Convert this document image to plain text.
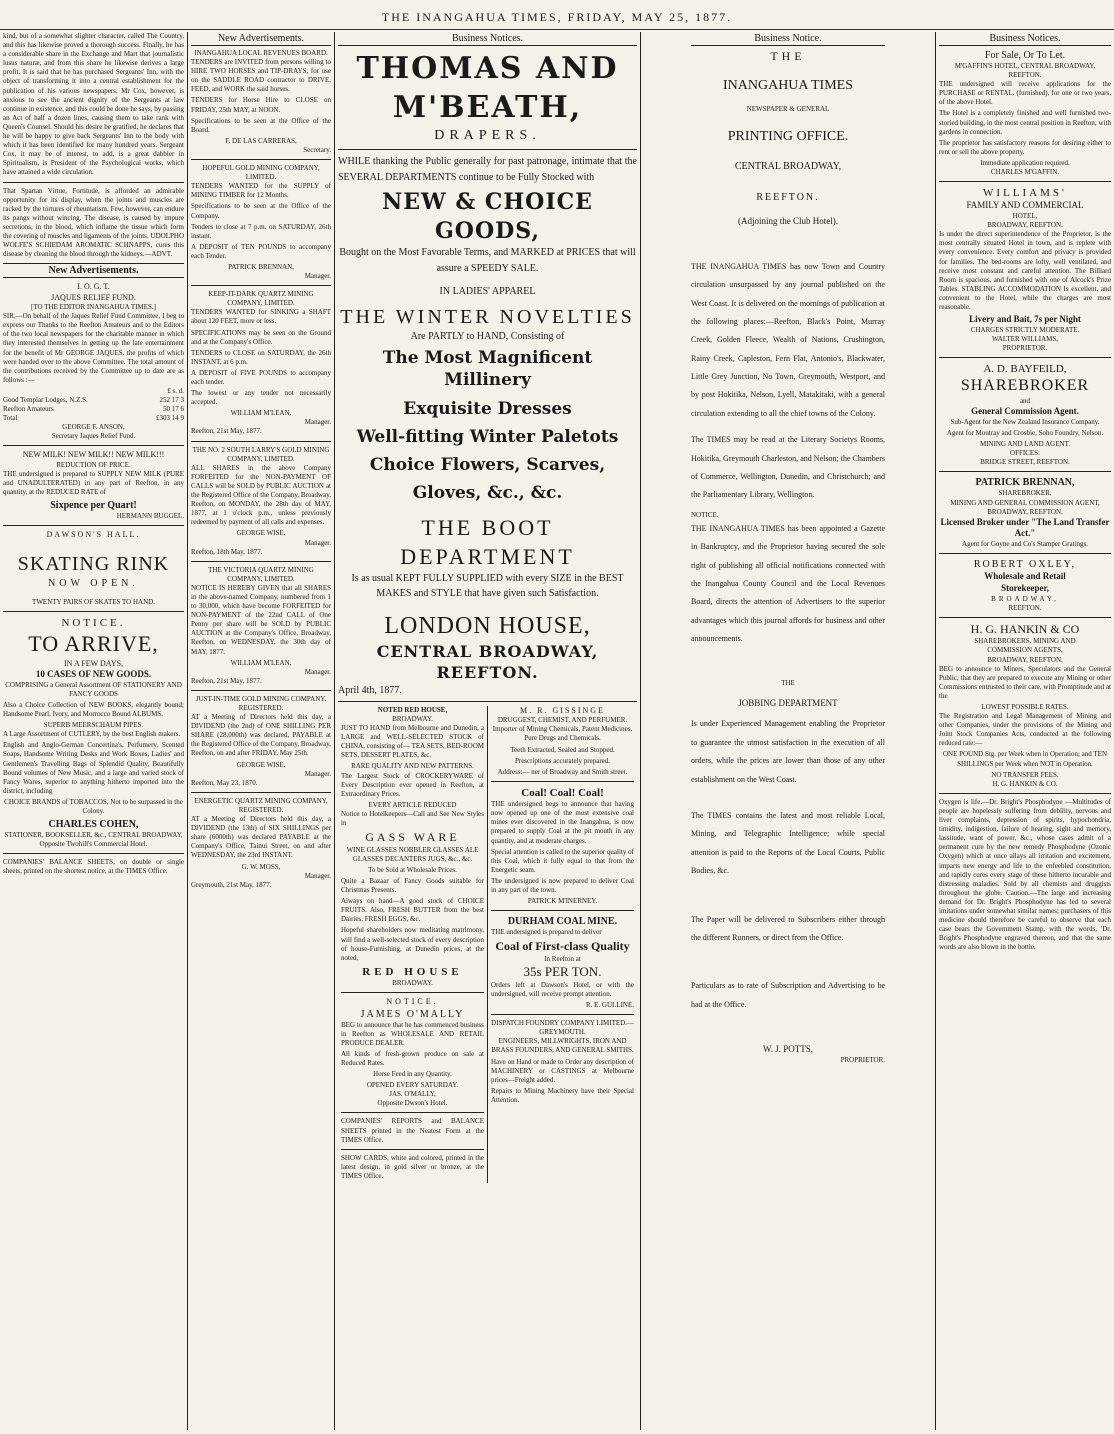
THE INANGAHUA TIMES, FRIDAY, MAY 25, 1877.

kind, but of a somewhat slighter character, called The Country, and this has likewise proved a thorough success. Finally, he has a considerable share in the Exchange and Mart that journalistic lusus naturæ, and from this share he likewise derives a large profit. It is said that he has purchased Sergeants' Inn, with the object of transforming it into a central establishment for the publication of his various newspapers. Mr Cox, however, is anxious to see the ancient dignity of the Sergeants at law continue in existence, and this could be done he says, by passing an Act of half a dozen lines, causing them to take rank with Queen's Counsel. Should his desire be gratified, he declares that he will be happy to give back Sergeants' Inn to the body with which it has been identified for many hundred years. Sergeant Cox, it may be of interest, to add, is a great dabbler in Spiritualism, is President of the Psychological works, which have attained a wide circulation.

That Spartan Virtue, Fortitude, is afforded an admirable opportunity for its display, when the joints and muscles are racked by the tortures of rheumatism. Few, however, can endure its pangs without wincing. The disease, is caused by impure secretions, in the blood, which inflame the tissue which form the covering of muscles and ligaments of the joints. UDOLPHO WOLFE'S SCHIEDAM AROMATIC SCHNAPPS, cures this disease by cleaning the blood through the kidneys.—ADVT.

New Advertisements.
I. O. G. T.
JAQUES RELIEF FUND.
[TO THE EDITOR INANGAHUA TIMES.]

SIR,—On behalf of the Jaques Relief Fund Committee, I beg to express our Thanks to the Reefton Amateurs and to the Editors of the two local newspapers for the charitable manner in which they interested themselves in getting up the late entertainment for the benefit of Mr GEORGE JAQUES, the profits of which were handed over to the above Committee. The total amount of the contributions received by the Committee up to date are as follows :—

£ s. d.
Good Templar Lodges, N.Z.S.	252 17 3
Reefton Amateurs	50 17 6
Total	£303 14 9
GEORGE F. ANSON,
Secretary Jaques Relief Fund.
NEW MILK! NEW MILK!! NEW MILK!!!
REDUCTION OF PRICE.

THE undersigned is prepared to SUPPLY NEW MILK (PURE and UNADULTERATED) in any part of Reefton, in any quantity, at the REDUCED RATE of

Sixpence per Quart!
HERMANN BUGGEL.
DAWSON'S HALL.
SKATING RINK
NOW OPEN.
TWENTY PAIRS OF SKATES TO HAND.
NOTICE.
TO ARRIVE,
IN A FEW DAYS,
10 CASES OF NEW GOODS.

COMPRISING a General Assortment OF STATIONERY AND FANCY GOODS

Also a Choice Collection of NEW BOOKS, elegantly bound; Handsome Pearl, Ivory, and Morrocco Bound ALBUMS.

SUPERB MEERSCHAUM PIPES.

A Large Assortment of CUTLERY, by the best English makers.

English and Anglo-German Concertina's, Perfumery, Scented Soaps, Handsome Writing Desks and Work Boxes, Ladies' and Gentlemen's Travelling Bags of Splendid Quality, Beautifully Bound volumes of New Music, and a large and varied stock of Fancy Wares, superior to anything hitherto imported into the district, including

CHOICE BRANDS of TOBACCOS, Not to be surpassed in the Colony.

CHARLES COHEN,
STATIONER, BOOKSELLER, &c., CENTRAL BROADWAY,
Opposite Twohill's Commercial Hotel.

COMPANIES' BALANCE SHEETS, on double or single sheets, printed on the shortest notice, at the TIMES Office.

New Advertisements.
INANGAHUA LOCAL REVENUES BOARD.

TENDERS are INVITED from persons willing to HIRE TWO HORSES and TIP-DRAYS, for use on the SADDLE ROAD contractor to DRIVE, FEED, and WORK the said horses.

TENDERS for Horse Hire to CLOSE on FRIDAY, 25th MAY, at NOON.

Specifications to be seen at the Office of the Board.

F. DE LAS CARRERAS,
Secretary.
HOPEFUL GOLD MINING COMPANY, LIMITED.

TENDERS WANTED for the SUPPLY of MINING TIMBER for 12 Months.

Specifications to be seen at the Office of the Company.

Tenders to close at 7 p.m. on SATURDAY, 26th instant.

A DEPOSIT of TEN POUNDS to accompany each Tender.

PATRICK BRENNAN,
Manager.
KEEP-IT-DARK QUARTZ MINING COMPANY, LIMITED.

TENDERS WANTED for SINKING a SHAFT about 120 FEET, more or less.

SPECIFICATIONS may be seen on the Ground and at the Company's Office.

TENDERS to CLOSE on SATURDAY, the 26th INSTANT, at 6 p.m.

A DEPOSIT of FIVE POUNDS to accompany each tender.

The lowest or any tender not necessarily accepted.

WILLIAM M'LEAN,
Manager.
Reefton, 21st May, 1877.
THE NO. 2 SOUTH LARRY'S GOLD MINING COMPANY, LIMITED.

ALL SHARES in the above Company FORFEITED for the NON-PAYMENT OF CALLS will be SOLD by PUBLIC AUCTION at the Registered Office of the Company, Broadway, Reefton, on MONDAY, the 28th day of MAY, 1877, at 1 o'clock p.m., unless previously redeemed by payment of all calls and expenses.

GEORGE WISE,
Manager.
Reefton, 18th May, 1877.
THE VICTORIA QUARTZ MINING COMPANY, LIMITED.

NOTICE IS HEREBY GIVEN that all SHARES in the above-named Company, numbered from 1 to 30,000, which have become FORFEITED for NON-PAYMENT of the 22nd CALL of One Penny per share will be SOLD by PUBLIC AUCTION at the Company's Office, Broadway, Reefton, on WEDNESDAY, the 30th day of MAY, 1877.

WILLIAM M'LEAN,
Manager.
Reefton, 21st May, 1877.
JUST-IN-TIME GOLD MINING COMPANY, REGISTERED.

AT a Meeting of Directors held this day, a DIVIDEND (the 2nd) of ONE SHILLING PER SHARE (28,000th) was declared, PAYABLE at the Registered Office of the Company, Broadway, Reefton, on and after FRIDAY, May 25th.

GEORGE WISE,
Manager.
Reefton, May 23, 1870.
ENERGETIC QUARTZ MINING COMPANY, REGISTERED.

AT a Meeting of Directors held this day, a DIVIDEND (the 13th) of SIX SHILLINGS per share (6000th) was declared PAYABLE at the Company's Office, Tainui Street, on and after WEDNESDAY, the 23rd INSTANT.

G. W. MOSS,
Manager.
Greymouth, 21st May, 1877.
Business Notices.
THOMAS AND M'BEATH,
DRAPERS.

WHILE thanking the Public generally for past patronage, intimate that the SEVERAL DEPARTMENTS continue to be Fully Stocked with

NEW & CHOICE GOODS,

Bought on the Most Favorable Terms, and MARKED at PRICES that will assure a SPEEDY SALE.

IN LADIES' APPAREL
THE WINTER NOVELTIES
Are PARTLY to HAND, Consisting of
The Most Magnificent Millinery
Exquisite Dresses
Well-fitting Winter Paletots
Choice Flowers, Scarves,
Gloves, &c., &c.
THE BOOT DEPARTMENT

Is as usual KEPT FULLY SUPPLIED with every SIZE in the BEST MAKES and STYLE that have given such Satisfaction.

LONDON HOUSE,
CENTRAL BROADWAY, REEFTON.
April 4th, 1877.
NOTED RED HOUSE,
BROADWAY.

JUST TO HAND from Melbourne and Dunedin, a LARGE and WELL-SELECTED STOCK of CHINA, consisting of— TEA SETS, BED-ROOM SETS, DESSERT PLATES, &c.

RARE QUALITY AND NEW PATTERNS.

The Largest Stock of CROCKERYWARE of Every Description ever opened in Reefton, at Extraordinary Prices.

EVERY ARTICLE REDUCED

Notice to Hotelkeepers—Call and See New Styles in

GASS WARE

WINE GLASSES NOBBLER GLASSES ALE GLASSES DECANTERS JUGS, &c., &c.

To be Sold at Wholesale Prices.

Quite a Bazaar of Fancy Goods suitable for Christmas Presents.

Always on hand—A good stock of CHOICE FRUITS. Also, FRESH BUTTER from the best Dairies, FRESH EGGS, &c.

Hopeful shareholders now meditating matrimony, will find a well-selected stock of every description of house-Furnishing, at Dunedin prices, at the noted,

RED HOUSE
BROADWAY.
NOTICE.
JAMES O'MALLY

BEG to announce that he has commenced business in Reefton as WHOLESALE AND RETAIL PRODUCE DEALER.

All kinds of fresh-grown produce on sale at Reduced Rates.

Horse Feed in any Quantity.

OPENED EVERY SATURDAY.
JAS. O'MALLY,
Opposite Dwson's Hotel.

COMPANIES' REPORTS and BALANCE SHEETS printed in the Neatest Form at the TIMES Office.

SHOW CARDS, white and colored, printed in the latest design, in gold silver or bronze, at the TIMES Office.

M. R. GISSINGE
DRUGGEST, CHEMIST, AND PERFUMER.

Importer of Mining Chemicals, Patent Medicines, Pure Drugs and Chemicals.

Teeth Extracted, Sealed and Stopped.

Prescriptions accurately prepared.

Address:— ner of Broadway and Smith street.

Coal! Coal! Coal!

THE undersigned begs to announce that having now opened up one of the most extensive coal mines ever discovered in the Inangahua, is now prepared to supply Coal at the pit mouth in any quantity, and at moderate charges.

Special attention is called to the superior quality of this Coal, which it fully equal to that from the Energetic seam.

The undersigned is now prepared to deliver Coal in any part of the town.

PATRICK M'INERNEY.
DURHAM COAL MINE.

THE undersigned is prepared to deliver

Coal of First-class Quality
In Reefton at
35s PER TON.

Orders left at Dawson's Hotel, or with the undersigned, will receive prompt attention.

R. E. GULLINE.
DISPATCH FOUNDRY COMPANY LIMITED.—GREYMOUTH.

ENGINEERS, MILLWRIGHTS, IRON AND BRASS FOUNDERS, AND GENERAL SMITHS.

Have on Hand or made to Order any description of MACHINERY or CASTINGS at Melbourne prices—Freight added.

Repairs to Mining Machinery have their Special Attention.

Business Notice.
THE
INANGAHUA TIMES
NEWSPAPER & GENERAL
PRINTING OFFICE.
CENTRAL BROADWAY,
REEFTON.
(Adjoining the Club Hotel).

THE INANGAHUA TIMES has now Town and Country circulation unsurpassed by any journal published on the West Coast. It is delivered on the mornings of publication at the following places:—Reefton, Black's Point, Murray Creek, Golden Fleece, Wealth of Nations, Crushington, Rainy Creek, Capleston, Fern Flat, Antonio's, Blackwater, Little Grey Junction, No Town, Greymouth, Westport, and by post Hokitika, Nelson, Lyell, Matakitaki, with a general circulation extending to all the chief towns of the Colony.

The TIMES may be read at the Literary Societys Rooms, Hokitika, Greymouth Charleston, and Nelson; the Chambers of Commerce, Wellington, Dunedin, and Christchurch; and the Parliamentary Library, Wellington.

NOTICE.

THE INANGAHUA TIMES has been appointed a Gazette in Bankruptcy, and the Proprietor having secured the sole right of publishing all official notifications connected with the Inangahua County Council and the Local Revenues Board, directs the attention of Advertisers to the superior advantages which this journal affords for business and other announcements.

THE
JOBBING DEPARTMENT

Is under Experienced Management enabling the Proprietor to guarantee the utmost satisfaction in the execution of all orders, while the prices are lower than those of any other establishment on the West Coast.

The TIMES contains the latest and most reliable Local, Mining, and Telegraphic Intelligence; while special attention is paid to the Reports of the Local Courts, Public Bodies, &c.

The Paper will be delivered to Subscribers either through the different Runners, or direct from the Office.

Particulars as to rate of Subscription and Advertising to be had at the Office.

W. J. POTTS,
PROPRIETOR.
Business Notices.
For Sale, Or To Let.
M'GAFFIN'S HOTEL, CENTRAL BROADWAY, REEFTON.

THE undersigned will receive applications for the PURCHASE or RENTAL, (furnished), for one or two years, of the above Hotel.

The Hotel is a completely finished and well furnished two-storied building, in the most central position in Reefton, with gardens in connection.

The proprietor has satisfactory reasons for desiring either to rent or sell the above property.

Immediate application required.
CHARLES M'GAFFIN.
WILLIAMS'
FAMILY AND COMMERCIAL
HOTEL,
BROADWAY, REEFTON.

Is under the direct superintendence of the Proprietor, is the most centrally situated Hotel in town, and is replete with every convenience. Every comfort and privacy is provided for families. The bed-rooms are lofty, well ventilated, and receive most constant and careful attention. The Billiard Room is spacious, and furnished with one of Alcock's Prize Tables. STABLING ACCOMMODATION Is excellent, and convenient to the Hotel, while the charges are most reasonable.

Livery and Bait, 7s per Night
CHARGES STRICTLY MODERATE.
WALTER WILLIAMS,
PROPRIETOR.
A. D. BAYFEILD,
SHAREBROKER
and
General Commission Agent.

Sub-Agent for the New Zealand Insurance Company.

Agent for Moutray and Crosbie, Soho Foundry, Nelson.

MINING AND LAND AGENT.
OFFICES:
BRIDGE STREET, REEFTON.
PATRICK BRENNAN,
SHAREBROKER,
MINING AND GENERAL COMMISSION AGENT,
BROADWAY, REEFTON.
Licensed Broker under "The Land Transfer Act."

Agent for Goyne and Co's Stamper Gratings.

ROBERT OXLEY,
Wholesale and Retail
Storekeeper,
BROADWAY,
REEFTON.
H. G. HANKIN & CO
SHAREBROKERS, MINING AND
COMMISSION AGENTS,
BROADWAY, REEFTON.

BEG to announce to Miners, Speculators and the General Public, that they are prepared to execute any Mining or other Commissions entrusted to their care, with Promptitude and at the

LOWEST POSSIBLE RATES.

The Registration and Legal Management of Mining and other Companies, under the provisions of the Mining and Joint Stock Companies Acts, conducted at the following reduced rate:—

ONE POUND Stg. per Week when in Operation; and TEN SHILLINGS per Week when NOT in Operation.

NO TRANSFER FEES.
H. G. HANKIN & CO.

Oxygen is life.—Dr. Bright's Phosphodyne —Multitudes of people are hopelessly suffering from debility, nervous and liver complaints, depression of spirits, hypochondria, timidity, indigestion, failure of hearing, sight and memory, lassitude, want of power, &c., whose cases admit of a permanent cure by the new remedy Phosphodyne (Ozonic Oxygen) which at once allays all irritation and excitement, imparts new energy and life to the enfeebled constitution, and rapidly cures every stage of these hitherto incurable and distressing maladies. Sold by all chemists and druggists throughout the globe. Caution.—The large and increasing demand for Dr. Bright's Phosphodyne has led to several imitations under somewhat similar names; purchasers of this medicine should therefore be careful to observe that each case bears the Government Stamp, with the words, 'Dr. Bright's Phosphodyne engraved thereon, and that the same words are also blown in the bottle.
